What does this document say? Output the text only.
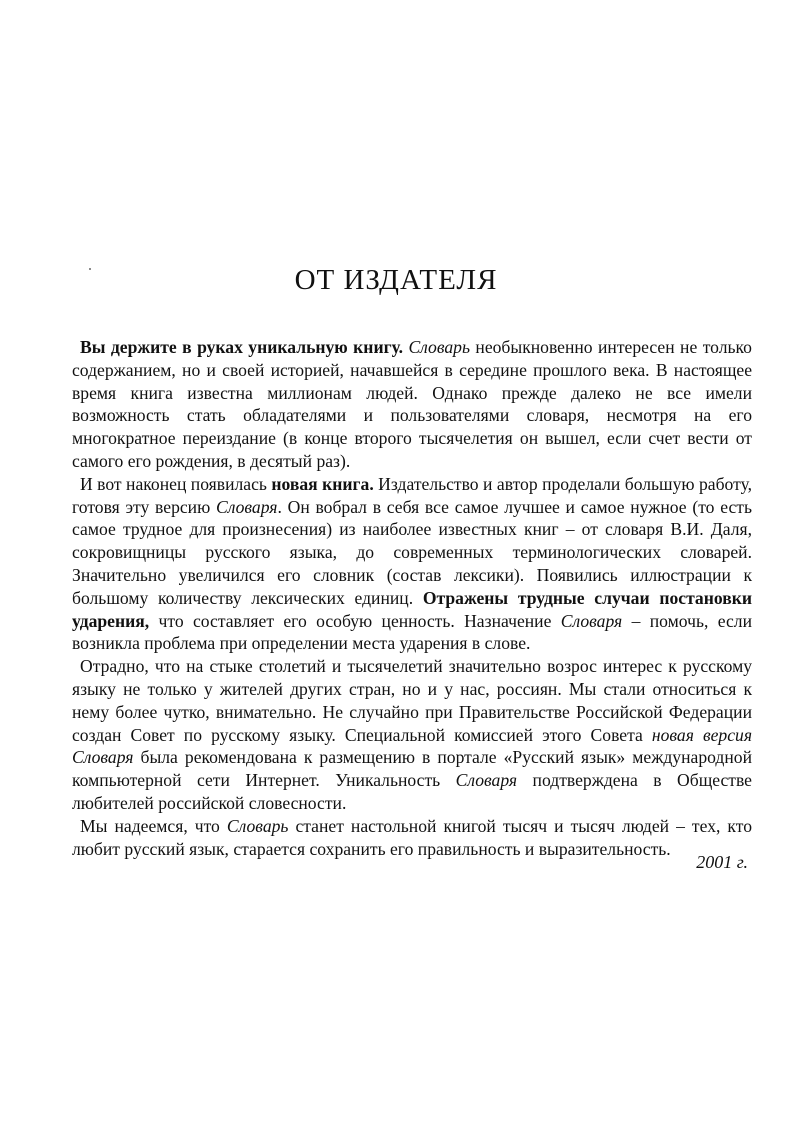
ОТ ИЗДАТЕЛЯ

Вы держите в руках уникальную книгу. Словарь необыкновенно интересен не только содержанием, но и своей историей, начавшейся в середине прошлого века. В настоящее время книга известна миллионам людей. Однако прежде далеко не все имели возможность стать обладателями и пользователями словаря, несмотря на его многократное переиздание (в конце второго тысячелетия он вышел, если счет вести от самого его рождения, в десятый раз).

И вот наконец появилась новая книга. Издательство и автор проделали большую работу, готовя эту версию Словаря. Он вобрал в себя все самое лучшее и самое нужное (то есть самое трудное для произнесения) из наиболее известных книг – от словаря В.И. Даля, сокровищницы русского языка, до современных терминологических словарей. Значительно увеличился его словник (состав лексики). Появились иллюстрации к большому количеству лексических единиц. Отражены трудные случаи постановки ударения, что составляет его особую ценность. Назначение Словаря – помочь, если возникла проблема при определении места ударения в слове.

Отрадно, что на стыке столетий и тысячелетий значительно возрос интерес к русскому языку не только у жителей других стран, но и у нас, россиян. Мы стали относиться к нему более чутко, внимательно. Не случайно при Правительстве Российской Федерации создан Совет по русскому языку. Специальной комиссией этого Совета новая версия Словаря была рекомендована к размещению в портале «Русский язык» международной компьютерной сети Интернет. Уникальность Словаря подтверждена в Обществе любителей российской словесности.

Мы надеемся, что Словарь станет настольной книгой тысяч и тысяч людей – тех, кто любит русский язык, старается сохранить его правильность и выразительность.

2001 г.
